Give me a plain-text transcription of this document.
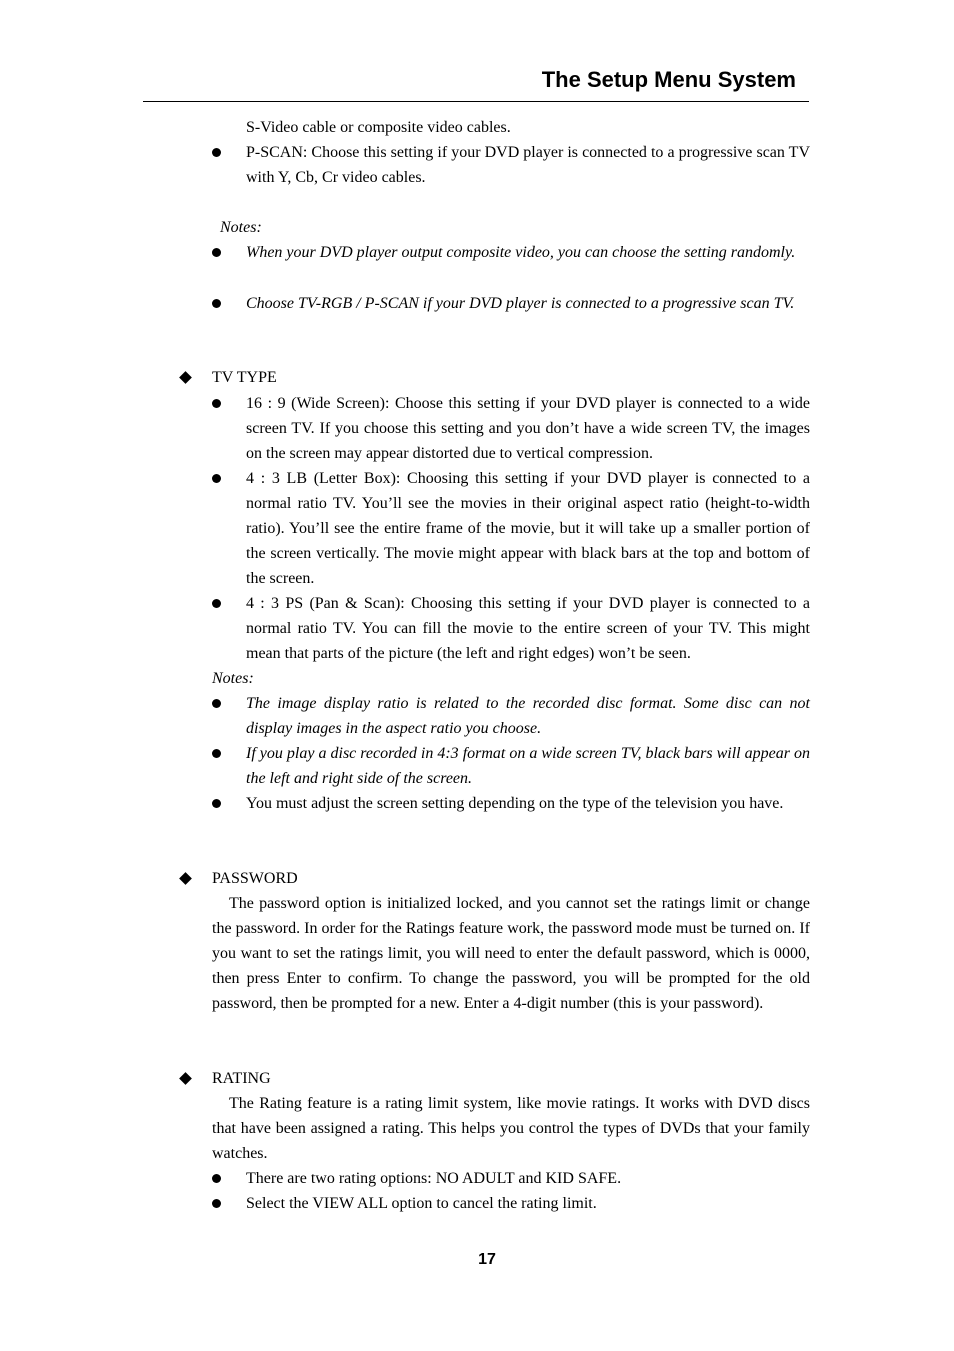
The Setup Menu System
S-Video cable or composite video cables.
P-SCAN: Choose this setting if your DVD player is connected to a progressive scan TV with Y, Cb, Cr video cables.
Notes:
When your DVD player output composite video, you can choose the setting randomly.
Choose TV-RGB / P-SCAN if your DVD player is connected to a progressive scan TV.
TV TYPE
16 : 9 (Wide Screen): Choose this setting if your DVD player is connected to a wide screen TV. If you choose this setting and you don’t have a wide screen TV, the images on the screen may appear distorted due to vertical compression.
4 : 3 LB (Letter Box): Choosing this setting if your DVD player is connected to a normal ratio TV. You’ll see the movies in their original aspect ratio (height-to-width ratio). You’ll see the entire frame of the movie, but it will take up a smaller portion of the screen vertically. The movie might appear with black bars at the top and bottom of the screen.
4 : 3 PS (Pan & Scan): Choosing this setting if your DVD player is connected to a normal ratio TV. You can fill the movie to the entire screen of your TV. This might mean that parts of the picture (the left and right edges) won’t be seen.
Notes:
The image display ratio is related to the recorded disc format. Some disc can not display images in the aspect ratio you choose.
If you play a disc recorded in 4:3 format on a wide screen TV, black bars will appear on the left and right side of the screen.
You must adjust the screen setting depending on the type of the television you have.
PASSWORD
The password option is initialized locked, and you cannot set the ratings limit or change the password. In order for the Ratings feature work, the password mode must be turned on. If you want to set the ratings limit, you will need to enter the default password, which is 0000, then press Enter to confirm. To change the password, you will be prompted for the old password, then be prompted for a new. Enter a 4-digit number (this is your password).
RATING
The Rating feature is a rating limit system, like movie ratings. It works with DVD discs that have been assigned a rating. This helps you control the types of DVDs that your family watches.
There are two rating options: NO ADULT and KID SAFE.
Select the VIEW ALL option to cancel the rating limit.
17
